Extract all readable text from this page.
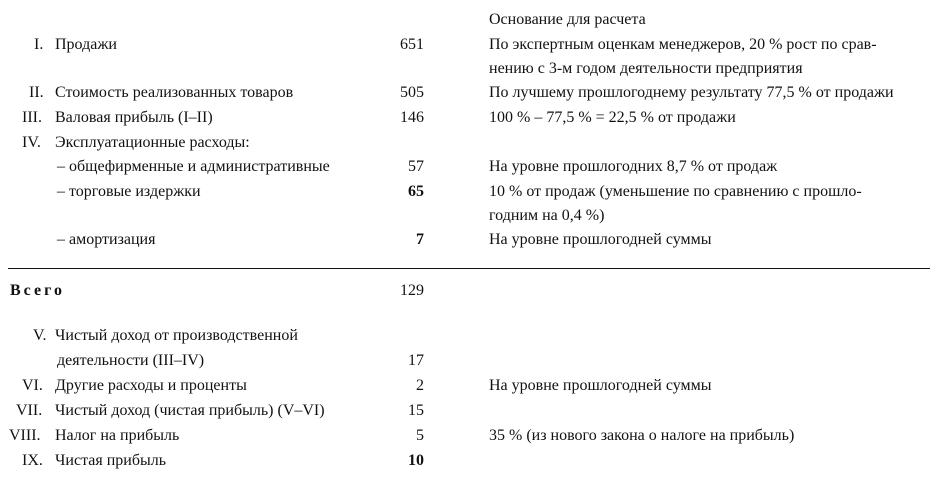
Основание для расчета
I. Продажи	651	По экспертным оценкам менеджеров, 20 % рост по срав-
нению с 3-м годом деятельности предприятия
II. Стоимость реализованных товаров	505	По лучшему прошлогоднему результату 77,5 % от продажи
III. Валовая прибыль (I–II)	146	100 % – 77,5 % = 22,5 % от продажи
IV. Эксплуатационные расходы:
– общефирменные и административные	57	На уровне прошлогодних 8,7 % от продаж
– торговые издержки	65	10 % от продаж (уменьшение по сравнению с прошло-
годним на 0,4 %)
– амортизация	7	На уровне прошлогодней суммы
Всего	129
V. Чистый доход от производственной
деятельности (III–IV)	17
VI. Другие расходы и проценты	2	На уровне прошлогодней суммы
VII. Чистый доход (чистая прибыль) (V–VI)	15
VIII. Налог на прибыль	5	35 % (из нового закона о налоге на прибыль)
IX. Чистая прибыль	10
